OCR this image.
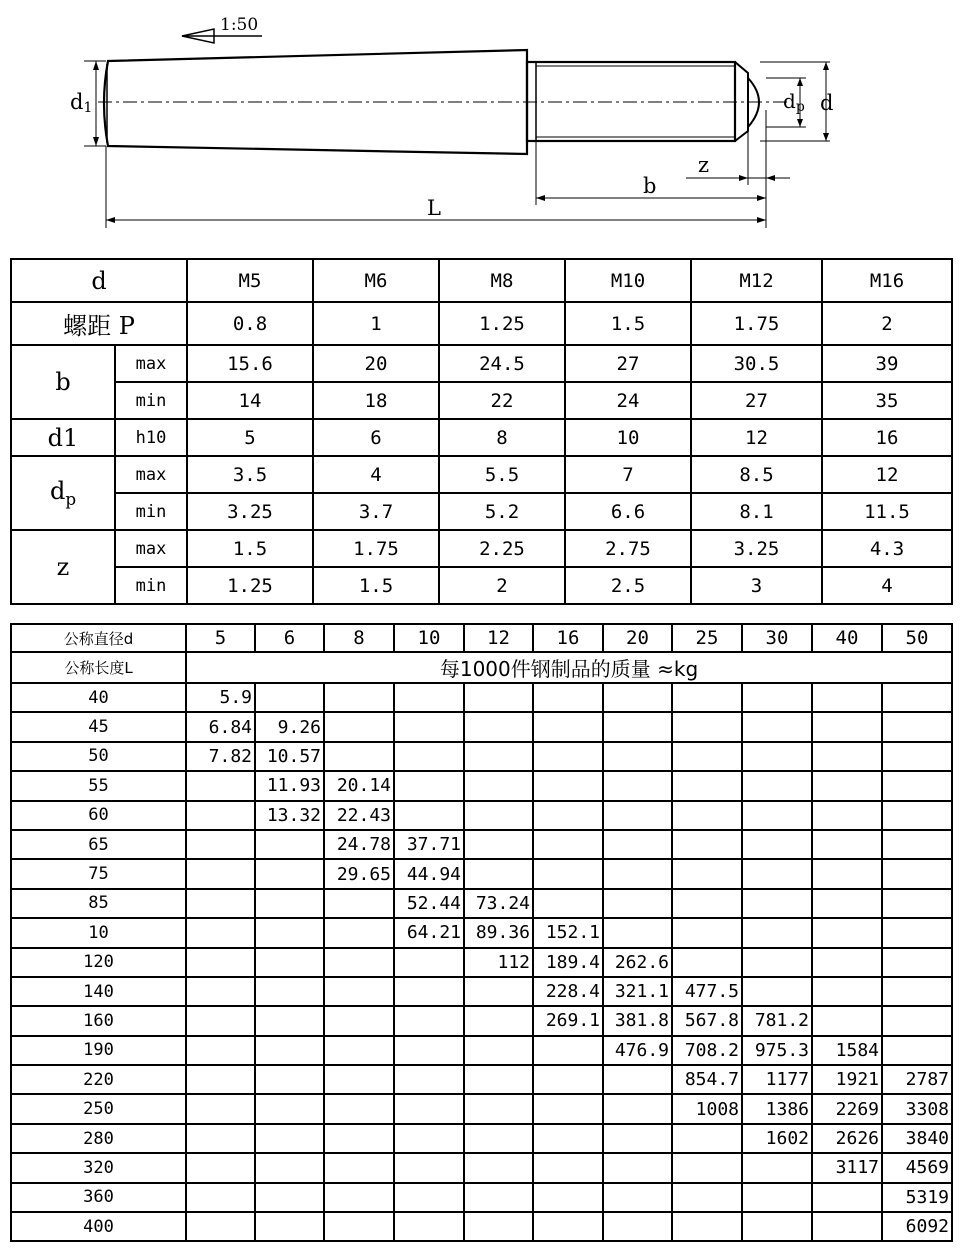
1:50
d1	dp d
z
b
L
d		M5	M6	M8	M10	M12	M16
螺距 P		0.8	1	1.25	1.5	1.75	2
b	max	15.6	20	24.5	27	30.5	39
	min	14	18	22	24	27	35
d1	h10	5	6	8	10	12	16
$d_p$	max	3.5	4	5.5	7	8.5	12
	min	3.25	3.7	5.2	6.6	8.1	11.5
z	max	1.5	1.75	2.25	2.75	3.25	4.3
	min	1.25	1.5	2	2.5	3	4
公称直径d	5	6	8	10	12	16	20	25	30	40	50
公称长度L	每1000件钢制品的质量 ≈kg										
40	5.9										
45	6.84	9.26									
50	7.82	10.57									
55		11.93	20.14								
60		13.32	22.43								
65			24.78	37.71							
75			29.65	44.94							
85				52.44	73.24						
10				64.21	89.36	152.1					
120					112	189.4	262.6				
140						228.4	321.1	477.5			
160						269.1	381.8	567.8	781.2		
190							476.9	708.2	975.3	1584	
220								854.7	1177	1921	2787
250								1008	1386	2269	3308
280									1602	2626	3840
320										3117	4569
360											5319
400											6092
